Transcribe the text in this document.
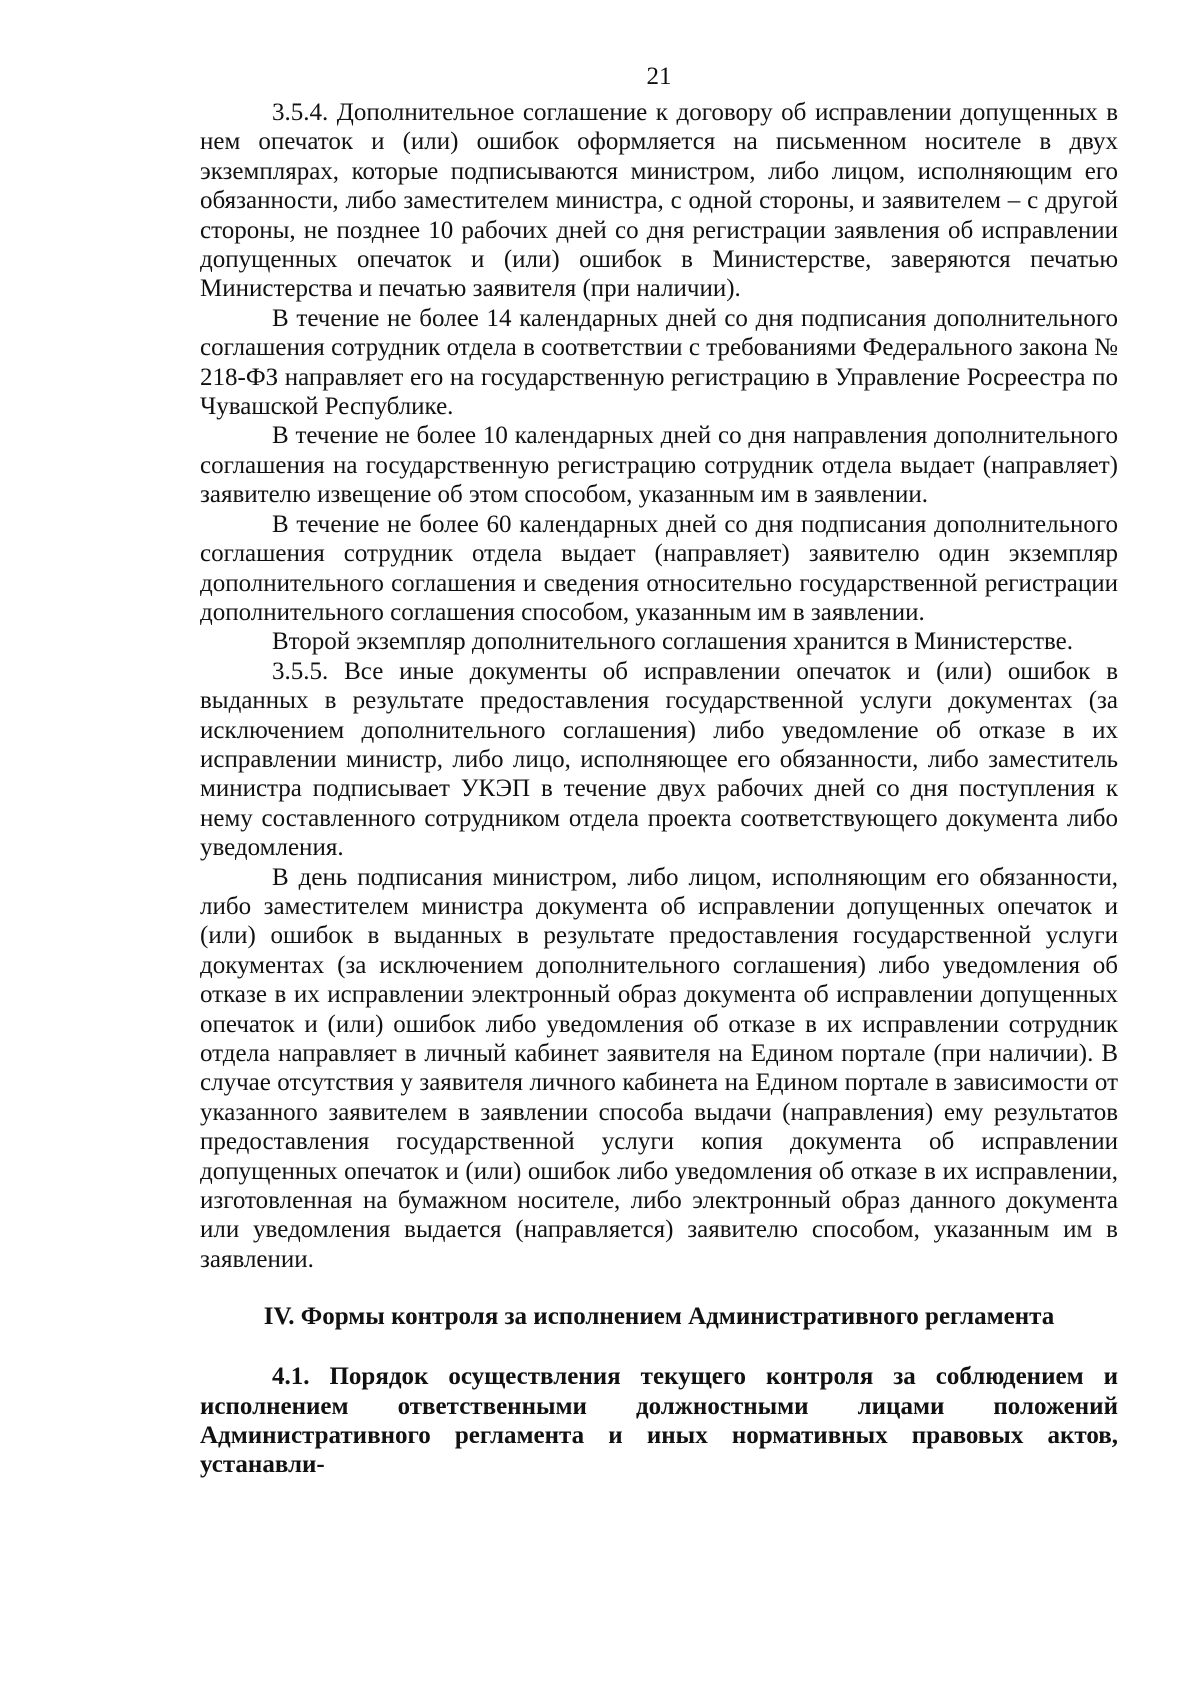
21

3.5.4. Дополнительное соглашение к договору об исправлении допущенных в нем опечаток и (или) ошибок оформляется на письменном носителе в двух экземплярах, которые подписываются министром, либо лицом, исполняющим его обязанности, либо заместителем министра, с одной стороны, и заявителем – с другой стороны, не позднее 10 рабочих дней со дня регистрации заявления об исправлении допущенных опечаток и (или) ошибок в Министерстве, заверяются печатью Министерства и печатью заявителя (при наличии).

В течение не более 14 календарных дней со дня подписания дополнительного соглашения сотрудник отдела в соответствии с требованиями Федерального закона № 218-ФЗ направляет его на государственную регистрацию в Управление Росреестра по Чувашской Республике.

В течение не более 10 календарных дней со дня направления дополнительного соглашения на государственную регистрацию сотрудник отдела выдает (направляет) заявителю извещение об этом способом, указанным им в заявлении.

В течение не более 60 календарных дней со дня подписания дополнительного соглашения сотрудник отдела выдает (направляет) заявителю один экземпляр дополнительного соглашения и сведения относительно государственной регистрации дополнительного соглашения способом, указанным им в заявлении.

Второй экземпляр дополнительного соглашения хранится в Министерстве.

3.5.5. Все иные документы об исправлении опечаток и (или) ошибок в выданных в результате предоставления государственной услуги документах (за исключением дополнительного соглашения) либо уведомление об отказе в их исправлении министр, либо лицо, исполняющее его обязанности, либо заместитель министра подписывает УКЭП в течение двух рабочих дней со дня поступления к нему составленного сотрудником отдела проекта соответствующего документа либо уведомления.

В день подписания министром, либо лицом, исполняющим его обязанности, либо заместителем министра документа об исправлении допущенных опечаток и (или) ошибок в выданных в результате предоставления государственной услуги документах (за исключением дополнительного соглашения) либо уведомления об отказе в их исправлении электронный образ документа об исправлении допущенных опечаток и (или) ошибок либо уведомления об отказе в их исправлении сотрудник отдела направляет в личный кабинет заявителя на Едином портале (при наличии). В случае отсутствия у заявителя личного кабинета на Едином портале в зависимости от указанного заявителем в заявлении способа выдачи (направления) ему результатов предоставления государственной услуги копия документа об исправлении допущенных опечаток и (или) ошибок либо уведомления об отказе в их исправлении, изготовленная на бумажном носителе, либо электронный образ данного документа или уведомления выдается (направляется) заявителю способом, указанным им в заявлении.

IV. Формы контроля за исполнением Административного регламента

4.1. Порядок осуществления текущего контроля за соблюдением и исполнением ответственными должностными лицами положений Административного регламента и иных нормативных правовых актов, устанавли-
